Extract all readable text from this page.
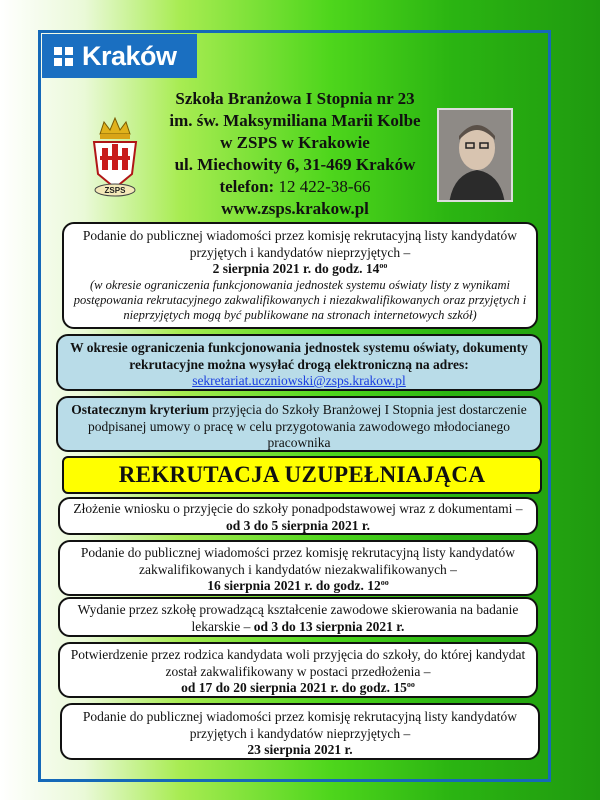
Kraków
ZSPS
Szkoła Branżowa I Stopnia nr 23
im. św. Maksymiliana Marii Kolbe
w ZSPS w Krakowie
ul. Miechowity 6, 31-469 Kraków
telefon: 12 422-38-66
www.zsps.krakow.pl
Podanie do publicznej wiadomości przez komisję rekrutacyjną listy kandydatów przyjętych i kandydatów nieprzyjętych –
2 sierpnia 2021 r. do godz. $14^{oo}$
(w okresie ograniczenia funkcjonowania jednostek systemu oświaty listy z wynikami postępowania rekrutacyjnego zakwalifikowanych i niezakwalifikowanych oraz przyjętych i nieprzyjętych mogą być publikowane na stronach internetowych szkół)
W okresie ograniczenia funkcjonowania jednostek systemu oświaty, dokumenty rekrutacyjne można wysyłać drogą elektroniczną na adres:
sekretariat.uczniowski@zsps.krakow.pl
Ostatecznym kryterium przyjęcia do Szkoły Branżowej I Stopnia jest dostarczenie podpisanej umowy o pracę w celu przygotowania zawodowego młodocianego pracownika
REKRUTACJA UZUPEŁNIAJĄCA
Złożenie wniosku o przyjęcie do szkoły ponadpodstawowej wraz z dokumentami – od 3 do 5 sierpnia 2021 r.
Podanie do publicznej wiadomości przez komisję rekrutacyjną listy kandydatów zakwalifikowanych i kandydatów niezakwalifikowanych –
16 sierpnia 2021 r. do godz. $12^{oo}$
Wydanie przez szkołę prowadzącą kształcenie zawodowe skierowania na badanie lekarskie – od 3 do 13 sierpnia 2021 r.
Potwierdzenie przez rodzica kandydata woli przyjęcia do szkoły, do której kandydat został zakwalifikowany w postaci przedłożenia –
od 17 do 20 sierpnia 2021 r. do godz. $15^{oo}$
Podanie do publicznej wiadomości przez komisję rekrutacyjną listy kandydatów przyjętych i kandydatów nieprzyjętych –
23 sierpnia 2021 r.
